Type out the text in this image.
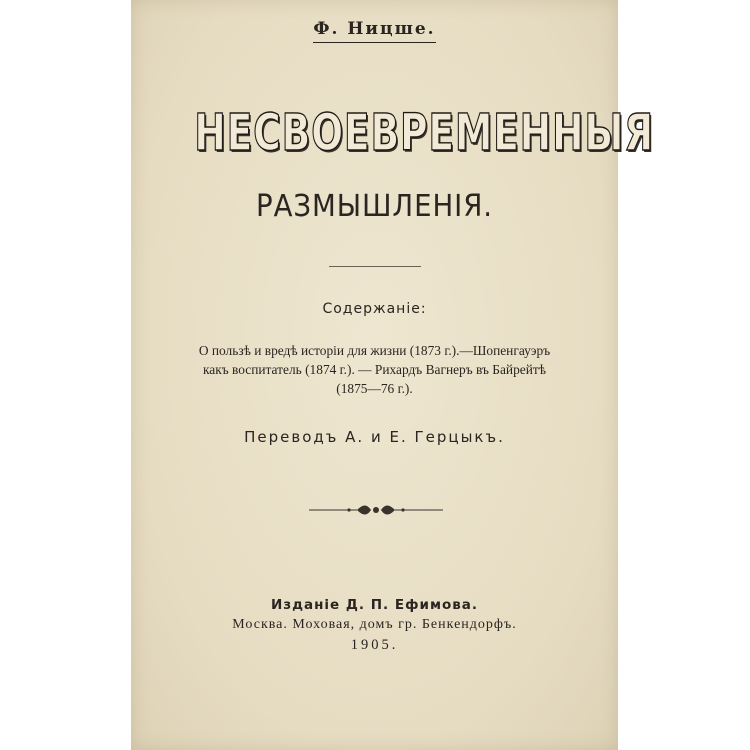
Ф. Ницше.
НЕСВОЕВРЕМЕННЫЯ
РАЗМЫШЛЕНІЯ.
Содержаніе:
О пользѣ и вредѣ исторіи для жизни (1873 г.).—Шопенгауэръ
какъ воспитатель (1874 г.). — Рихардъ Вагнеръ въ Байрейтѣ
(1875—76 г.).
Переводъ А. и Е. Герцыкъ.
Изданіе Д. П. Ефимова.
Москва. Моховая, домъ гр. Бенкендорфъ.
1905.
